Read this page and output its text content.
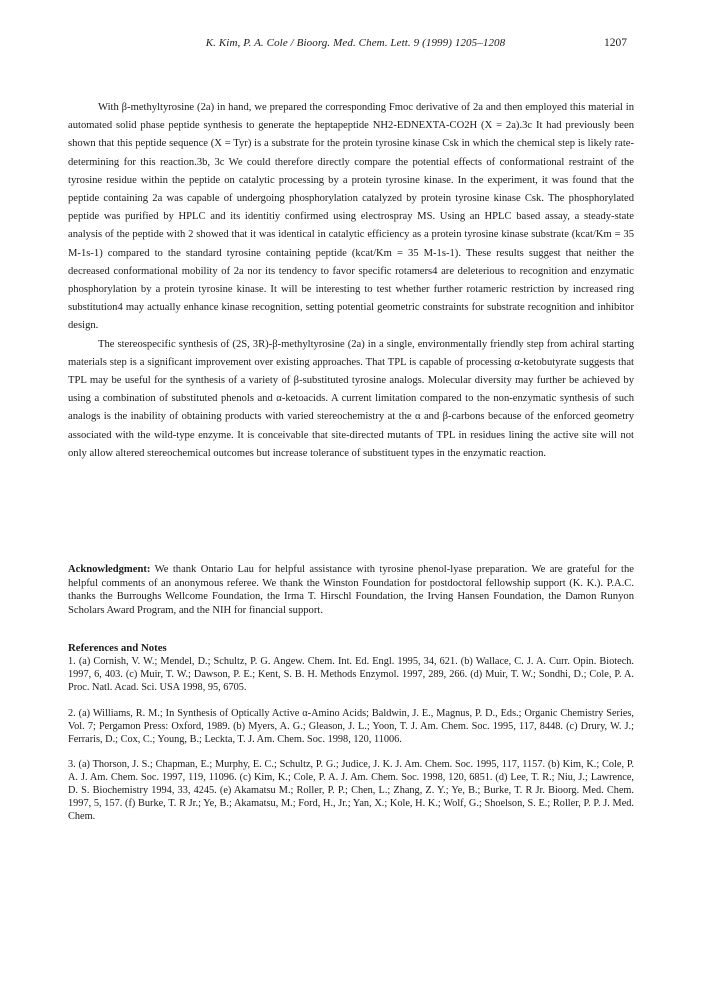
K. Kim, P. A. Cole / Bioorg. Med. Chem. Lett. 9 (1999) 1205–1208	1207

With β-methyltyrosine (2a) in hand, we prepared the corresponding Fmoc derivative of 2a and then employed this material in automated solid phase peptide synthesis to generate the heptapeptide NH2-EDNEXTA-CO2H (X = 2a).3c It had previously been shown that this peptide sequence (X = Tyr) is a substrate for the protein tyrosine kinase Csk in which the chemical step is likely rate-determining for this reaction.3b, 3c We could therefore directly compare the potential effects of conformational restraint of the tyrosine residue within the peptide on catalytic processing by a protein tyrosine kinase. In the experiment, it was found that the peptide containing 2a was capable of undergoing phosphorylation catalyzed by protein tyrosine kinase Csk. The phosphorylated peptide was purified by HPLC and its identitiy confirmed using electrospray MS. Using an HPLC based assay, a steady-state analysis of the peptide with 2 showed that it was identical in catalytic efficiency as a protein tyrosine kinase substrate (kcat/Km = 35 M-1s-1) compared to the standard tyrosine containing peptide (kcat/Km = 35 M-1s-1). These results suggest that neither the decreased conformational mobility of 2a nor its tendency to favor specific rotamers4 are deleterious to recognition and enzymatic phosphorylation by a protein tyrosine kinase. It will be interesting to test whether further rotameric restriction by increased ring substitution4 may actually enhance kinase recognition, setting potential geometric constraints for substrate recognition and inhibitor design.

The stereospecific synthesis of (2S, 3R)-β-methyltyrosine (2a) in a single, environmentally friendly step from achiral starting materials step is a significant improvement over existing approaches. That TPL is capable of processing α-ketobutyrate suggests that TPL may be useful for the synthesis of a variety of β-substituted tyrosine analogs. Molecular diversity may further be achieved by using a combination of substituted phenols and α-ketoacids. A current limitation compared to the non-enzymatic synthesis of such analogs is the inability of obtaining products with varied stereochemistry at the α and β-carbons because of the enforced geometry associated with the wild-type enzyme. It is conceivable that site-directed mutants of TPL in residues lining the active site will not only allow altered stereochemical outcomes but increase tolerance of substituent types in the enzymatic reaction.

Acknowledgment: We thank Ontario Lau for helpful assistance with tyrosine phenol-lyase preparation. We are grateful for the helpful comments of an anonymous referee. We thank the Winston Foundation for postdoctoral fellowship support (K. K.). P.A.C. thanks the Burroughs Wellcome Foundation, the Irma T. Hirschl Foundation, the Irving Hansen Foundation, the Damon Runyon Scholars Award Program, and the NIH for financial support.
References and Notes

1. (a) Cornish, V. W.; Mendel, D.; Schultz, P. G. Angew. Chem. Int. Ed. Engl. 1995, 34, 621. (b) Wallace, C. J. A. Curr. Opin. Biotech. 1997, 6, 403. (c) Muir, T. W.; Dawson, P. E.; Kent, S. B. H. Methods Enzymol. 1997, 289, 266. (d) Muir, T. W.; Sondhi, D.; Cole, P. A. Proc. Natl. Acad. Sci. USA 1998, 95, 6705.

2. (a) Williams, R. M.; In Synthesis of Optically Active α-Amino Acids; Baldwin, J. E., Magnus, P. D., Eds.; Organic Chemistry Series, Vol. 7; Pergamon Press: Oxford, 1989. (b) Myers, A. G.; Gleason, J. L.; Yoon, T. J. Am. Chem. Soc. 1995, 117, 8448. (c) Drury, W. J.; Ferraris, D.; Cox, C.; Young, B.; Leckta, T. J. Am. Chem. Soc. 1998, 120, 11006.

3. (a) Thorson, J. S.; Chapman, E.; Murphy, E. C.; Schultz, P. G.; Judice, J. K. J. Am. Chem. Soc. 1995, 117, 1157. (b) Kim, K.; Cole, P. A. J. Am. Chem. Soc. 1997, 119, 11096. (c) Kim, K.; Cole, P. A. J. Am. Chem. Soc. 1998, 120, 6851. (d) Lee, T. R.; Niu, J.; Lawrence, D. S. Biochemistry 1994, 33, 4245. (e) Akamatsu M.; Roller, P. P.; Chen, L.; Zhang, Z. Y.; Ye, B.; Burke, T. R Jr. Bioorg. Med. Chem. 1997, 5, 157. (f) Burke, T. R Jr.; Ye, B.; Akamatsu, M.; Ford, H., Jr.; Yan, X.; Kole, H. K.; Wolf, G.; Shoelson, S. E.; Roller, P. P. J. Med. Chem.
